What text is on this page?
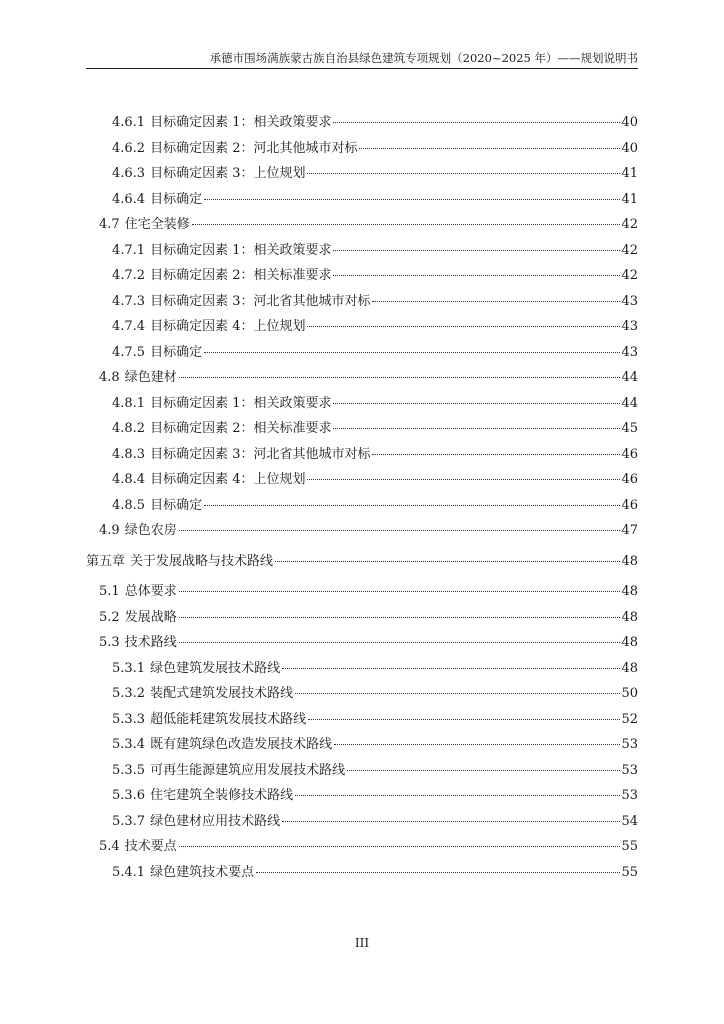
承德市围场满族蒙古族自治县绿色建筑专项规划（2020~2025 年）——规划说明书
4.6.1 目标确定因素 1：相关政策要求	40
4.6.2 目标确定因素 2：河北其他城市对标	40
4.6.3 目标确定因素 3：上位规划	41
4.6.4 目标确定	41
4.7 住宅全装修	42
4.7.1 目标确定因素 1：相关政策要求	42
4.7.2 目标确定因素 2：相关标准要求	42
4.7.3 目标确定因素 3：河北省其他城市对标	43
4.7.4 目标确定因素 4：上位规划	43
4.7.5 目标确定	43
4.8 绿色建材	44
4.8.1 目标确定因素 1：相关政策要求	44
4.8.2 目标确定因素 2：相关标准要求	45
4.8.3 目标确定因素 3：河北省其他城市对标	46
4.8.4 目标确定因素 4：上位规划	46
4.8.5 目标确定	46
4.9 绿色农房	47
第五章 关于发展战略与技术路线	48
5.1 总体要求	48
5.2 发展战略	48
5.3 技术路线	48
5.3.1 绿色建筑发展技术路线	48
5.3.2 装配式建筑发展技术路线	50
5.3.3 超低能耗建筑发展技术路线	52
5.3.4 既有建筑绿色改造发展技术路线	53
5.3.5 可再生能源建筑应用发展技术路线	53
5.3.6 住宅建筑全装修技术路线	53
5.3.7 绿色建材应用技术路线	54
5.4 技术要点	55
5.4.1 绿色建筑技术要点	55
III
